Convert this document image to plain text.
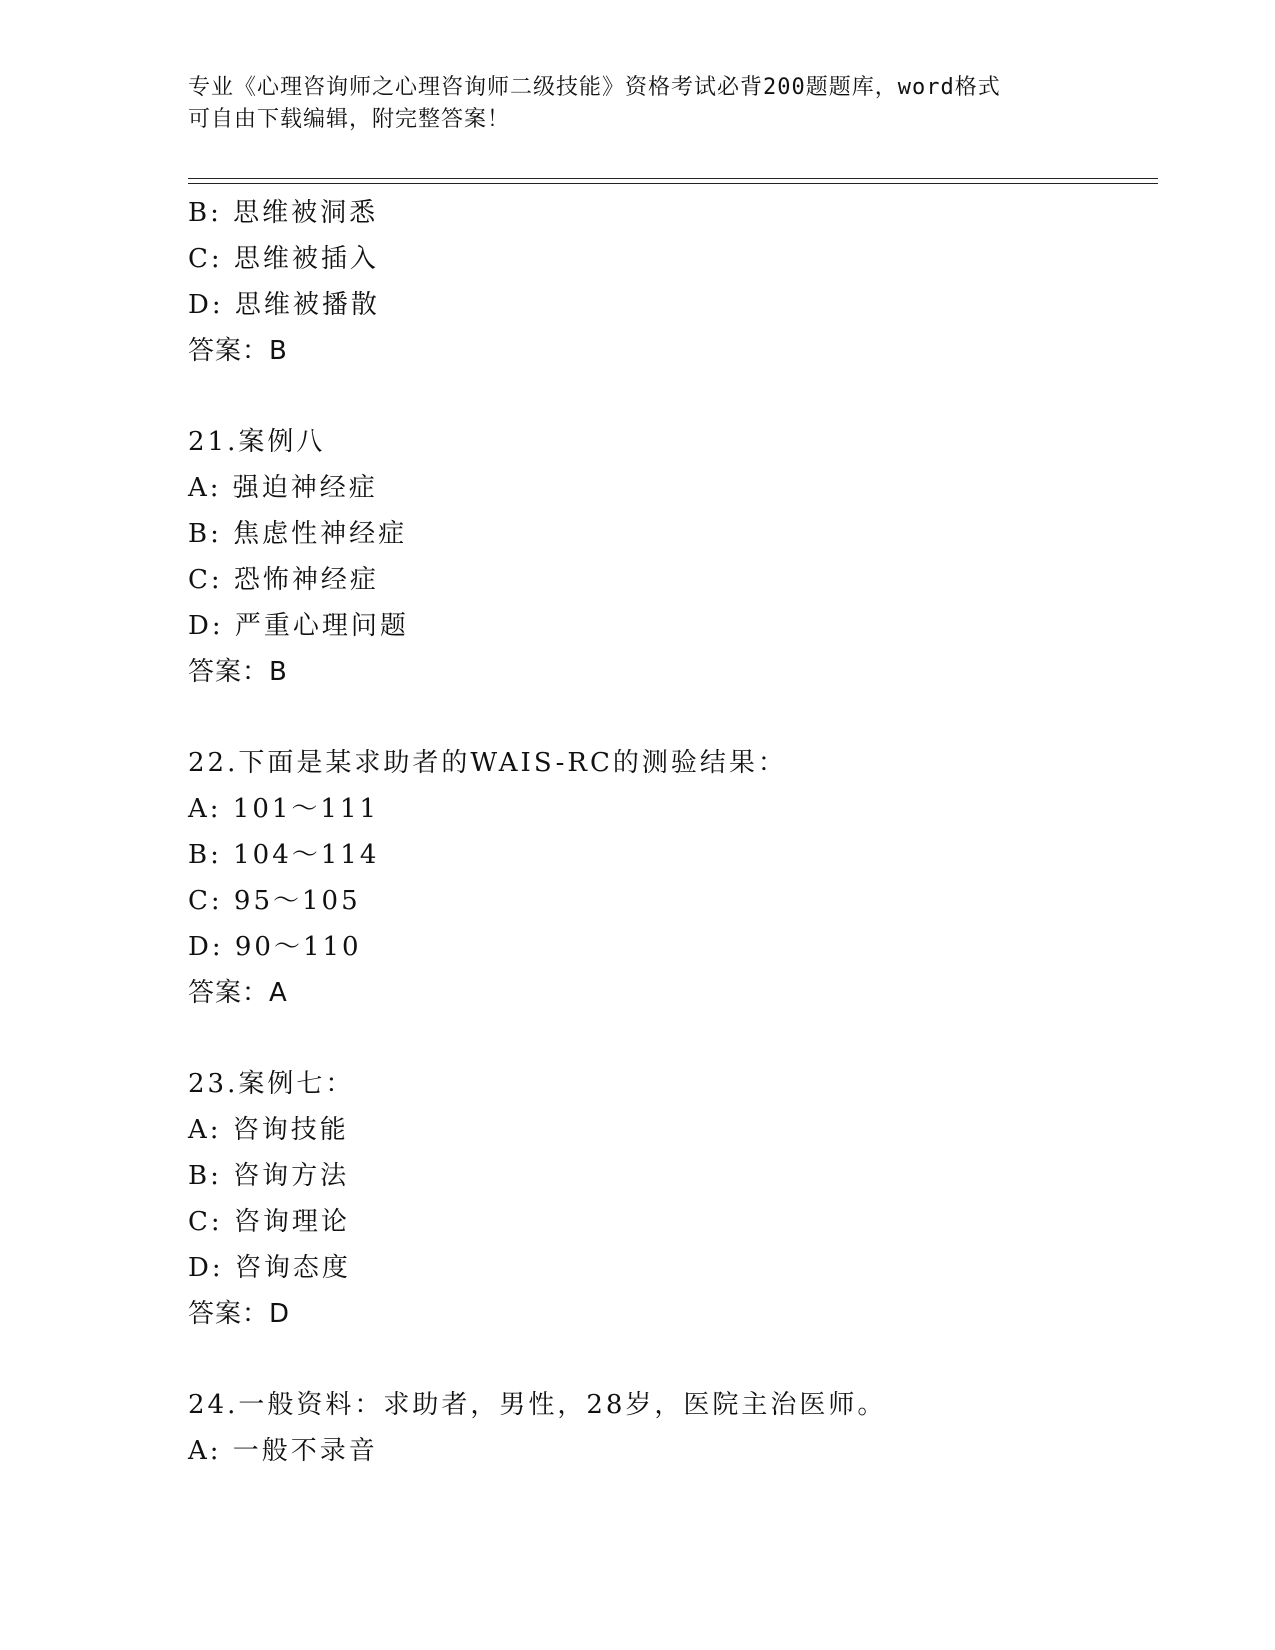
专业《心理咨询师之心理咨询师二级技能》资格考试必背200题题库，word格式
可自由下载编辑，附完整答案！
B: 思维被洞悉
C: 思维被插入
D: 思维被播散
答案：B
21.案例八
A: 强迫神经症
B: 焦虑性神经症
C: 恐怖神经症
D: 严重心理问题
答案：B
22.下面是某求助者的WAIS-RC的测验结果：
A: 101～111
B: 104～114
C: 95～105
D: 90～110
答案：A
23.案例七：
A: 咨询技能
B: 咨询方法
C: 咨询理论
D: 咨询态度
答案：D
24.一般资料：求助者，男性，28岁，医院主治医师。
A: 一般不录音
